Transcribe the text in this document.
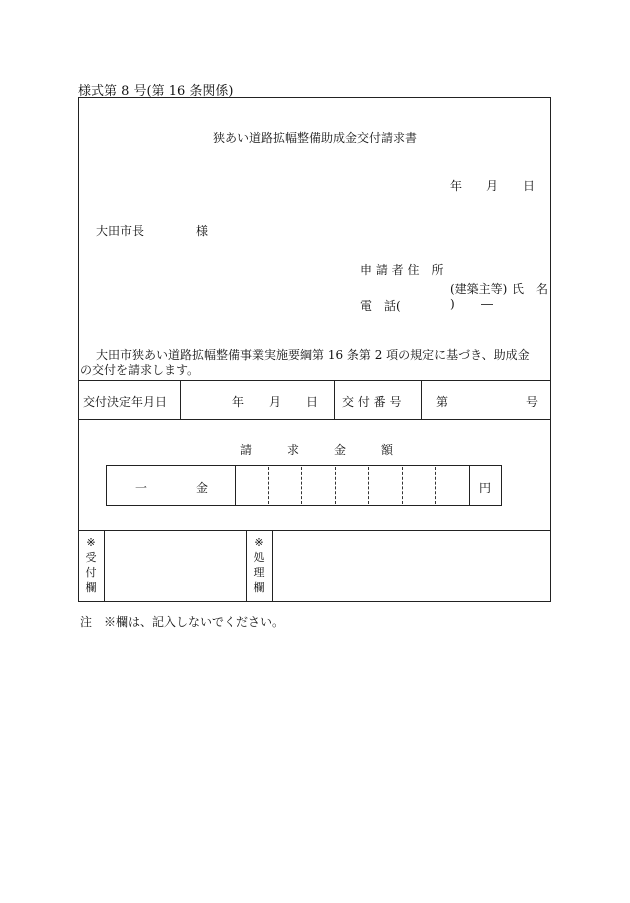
様式第 8 号(第 16 条関係)
狭あい道路拡幅整備助成金交付請求書
年 月 日
大田市長	様
申 請 者 住　所
(建築主等) 氏　名
電　話(	) ―
大田市狭あい道路拡幅整備事業実施要綱第 16 条第 2 項の規定に基づき、助成金
の交付を請求します。
交付決定年月日	年 月 日 交 付 番 号	第	号
請	求	金	額
一	金	円
※
受
付
欄
※
処
理
欄
注　※欄は、記入しないでください。
